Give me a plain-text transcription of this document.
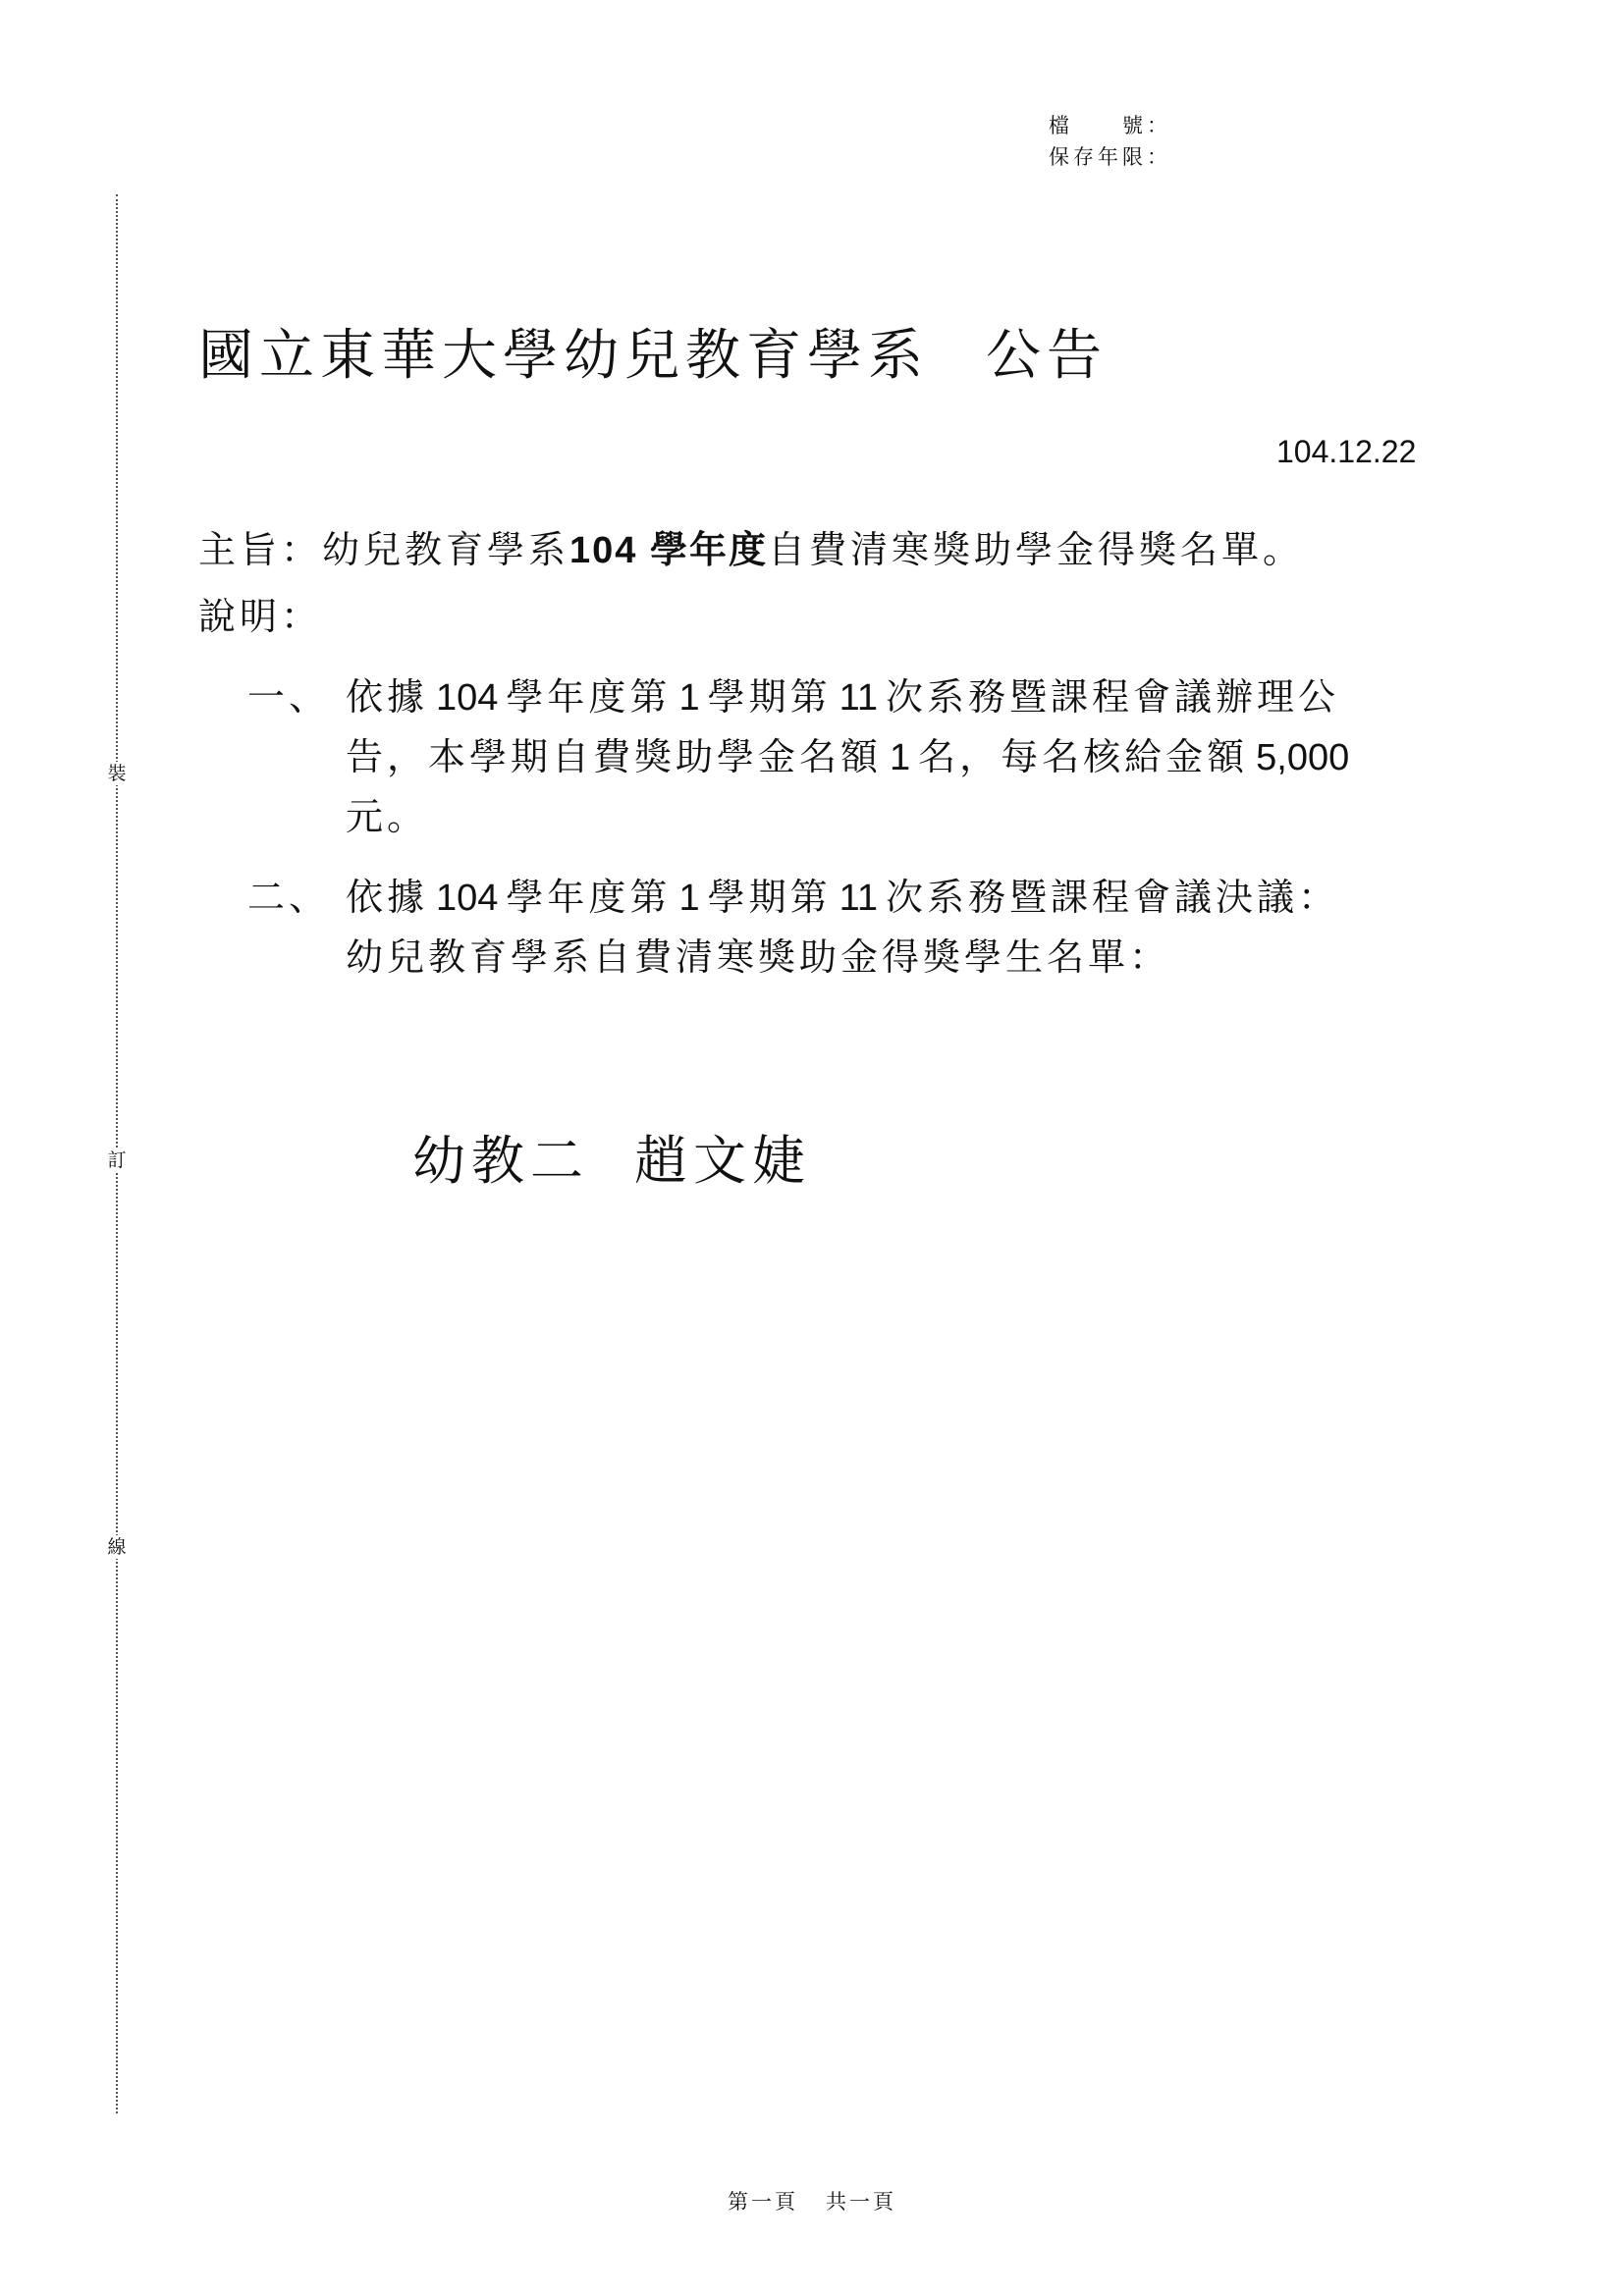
檔　　號：
保存年限：
裝
訂
線
國立東華大學幼兒教育學系 公告
104.12.22
主旨：幼兒教育學系104 學年度自費清寒獎助學金得獎名單。
說明：
一、 依據 104 學年度第 1 學期第 11 次系務暨課程會議辦理公
告，本學期自費獎助學金名額 1 名，每名核給金額 5,000
元。
二、 依據 104 學年度第 1 學期第 11 次系務暨課程會議決議：
幼兒教育學系自費清寒獎助金得獎學生名單：
幼教二 趙文婕
第一頁 共一頁
